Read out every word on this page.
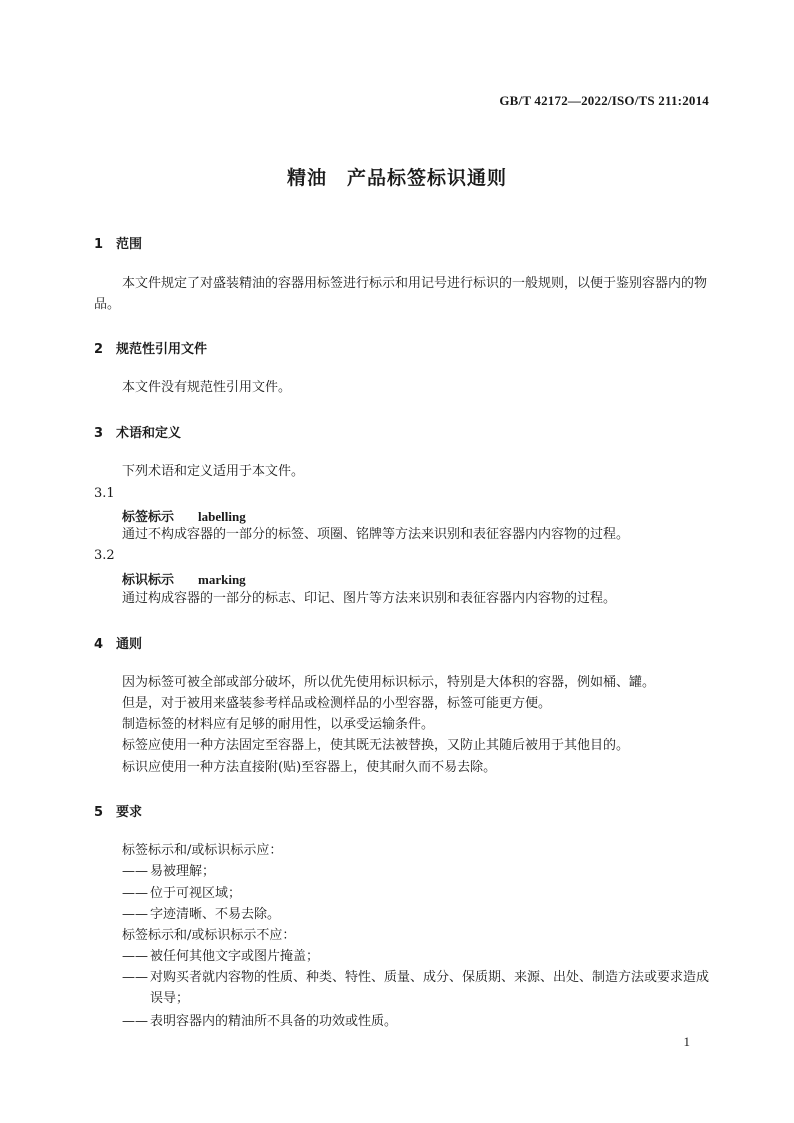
GB/T 42172—2022/ISO/TS 211:2014
精油　产品标签标识通则
1 范围
本文件规定了对盛装精油的容器用标签进行标示和用记号进行标识的一般规则，以便于鉴别容器内的物品。
2 规范性引用文件
本文件没有规范性引用文件。
3 术语和定义
下列术语和定义适用于本文件。
3.1
标签标示 labelling
通过不构成容器的一部分的标签、项圈、铭牌等方法来识别和表征容器内内容物的过程。
3.2
标识标示 marking
通过构成容器的一部分的标志、印记、图片等方法来识别和表征容器内内容物的过程。
4 通则
因为标签可被全部或部分破坏，所以优先使用标识标示，特别是大体积的容器，例如桶、罐。
但是，对于被用来盛装参考样品或检测样品的小型容器，标签可能更方便。
制造标签的材料应有足够的耐用性，以承受运输条件。
标签应使用一种方法固定至容器上，使其既无法被替换，又防止其随后被用于其他目的。
标识应使用一种方法直接附(贴)至容器上，使其耐久而不易去除。
5 要求
标签标示和/或标识标示应：
—— 易被理解；
—— 位于可视区域；
—— 字迹清晰、不易去除。
标签标示和/或标识标示不应：
—— 被任何其他文字或图片掩盖；
—— 对购买者就内容物的性质、种类、特性、质量、成分、保质期、来源、出处、制造方法或要求造成
误导；
—— 表明容器内的精油所不具备的功效或性质。
1
